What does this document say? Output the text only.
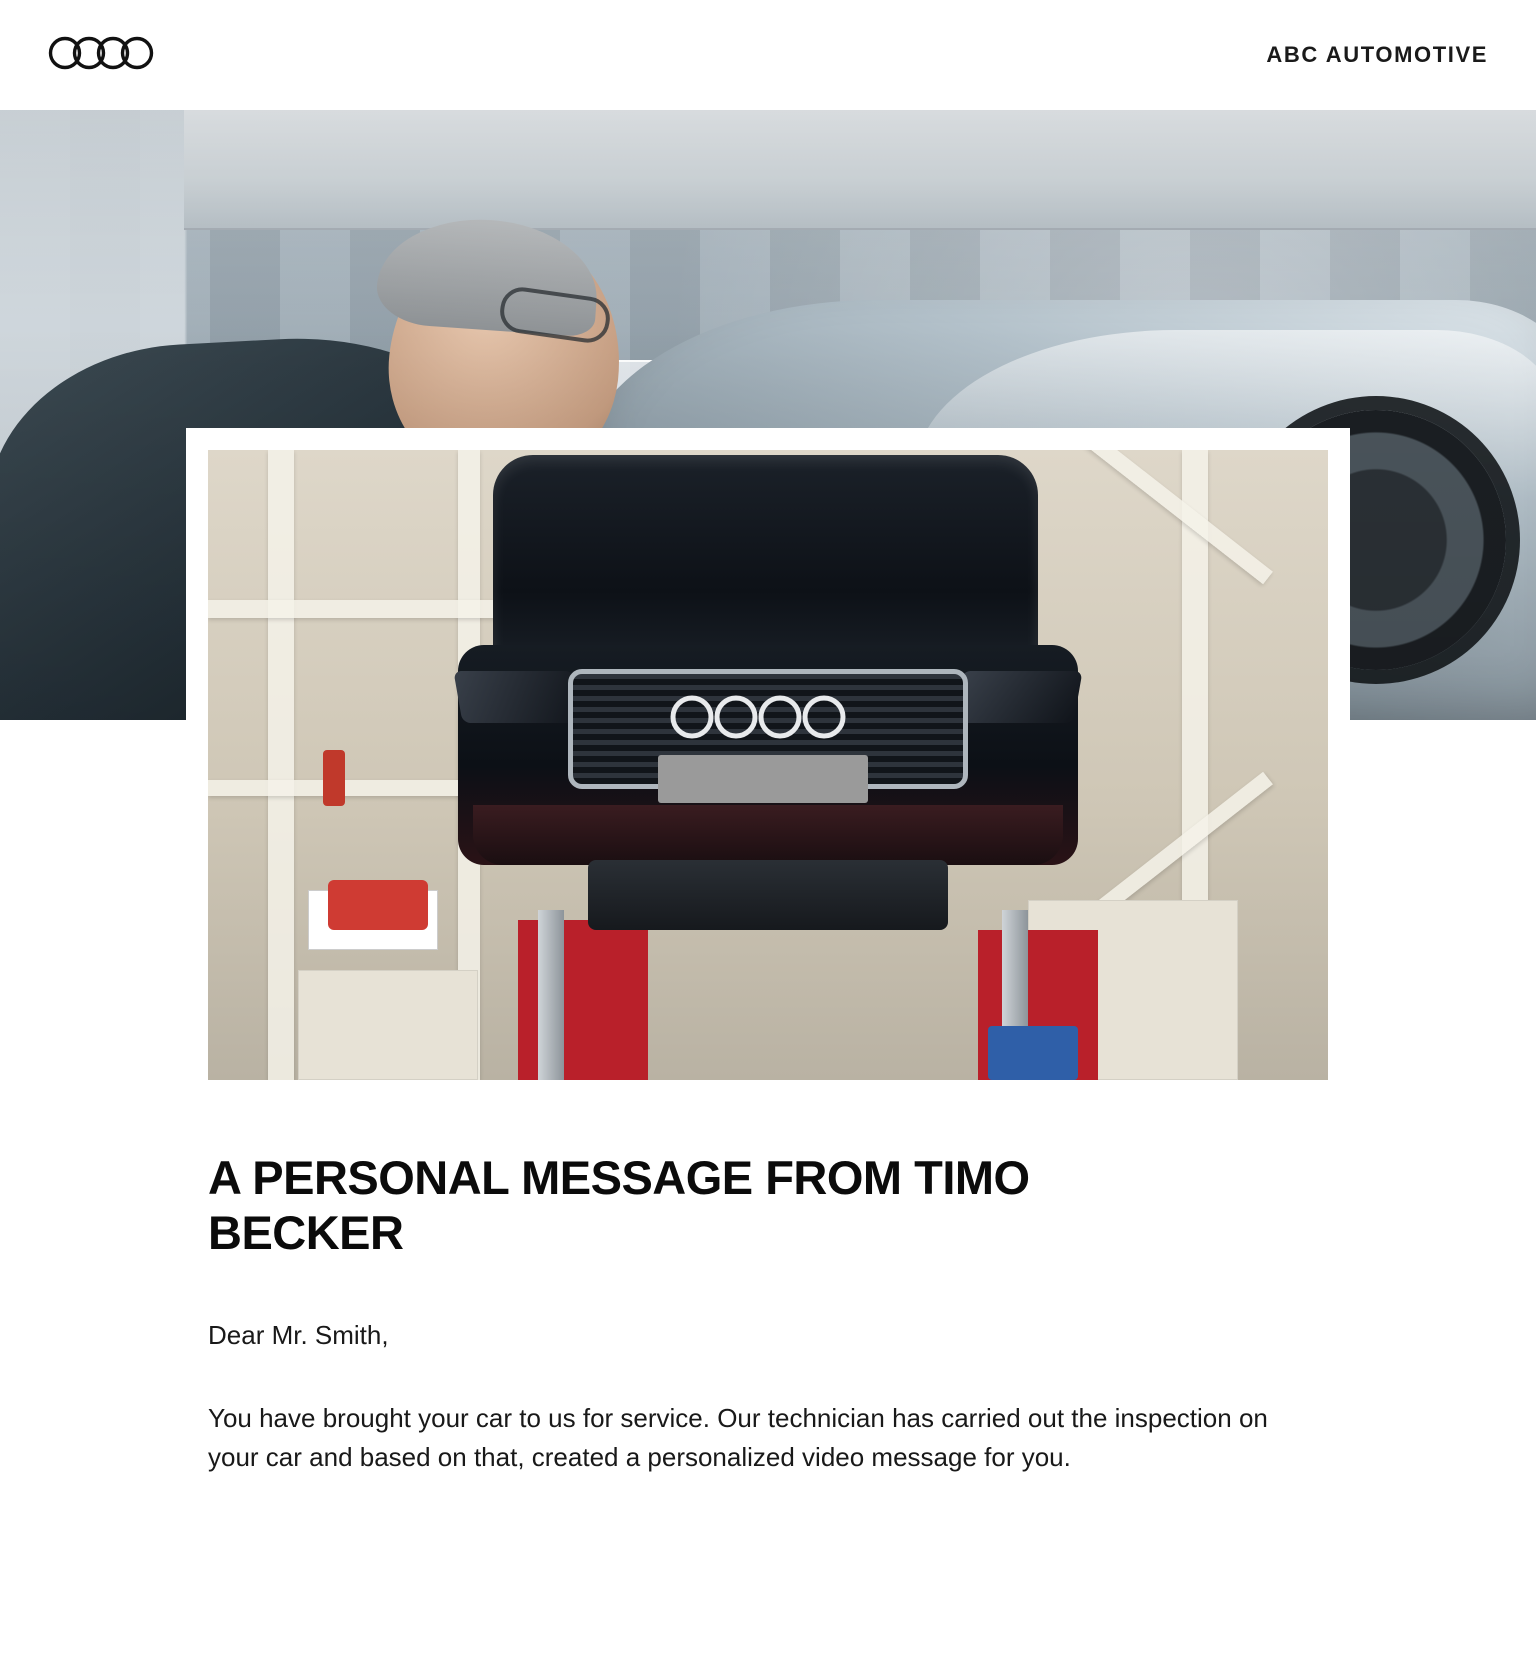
ABC AUTOMOTIVE
A PERSONAL MESSAGE FROM TIMO BECKER

Dear Mr. Smith,

You have brought your car to us for service. Our technician has carried out the inspection on your car and based on that, created a personalized video message for you.
